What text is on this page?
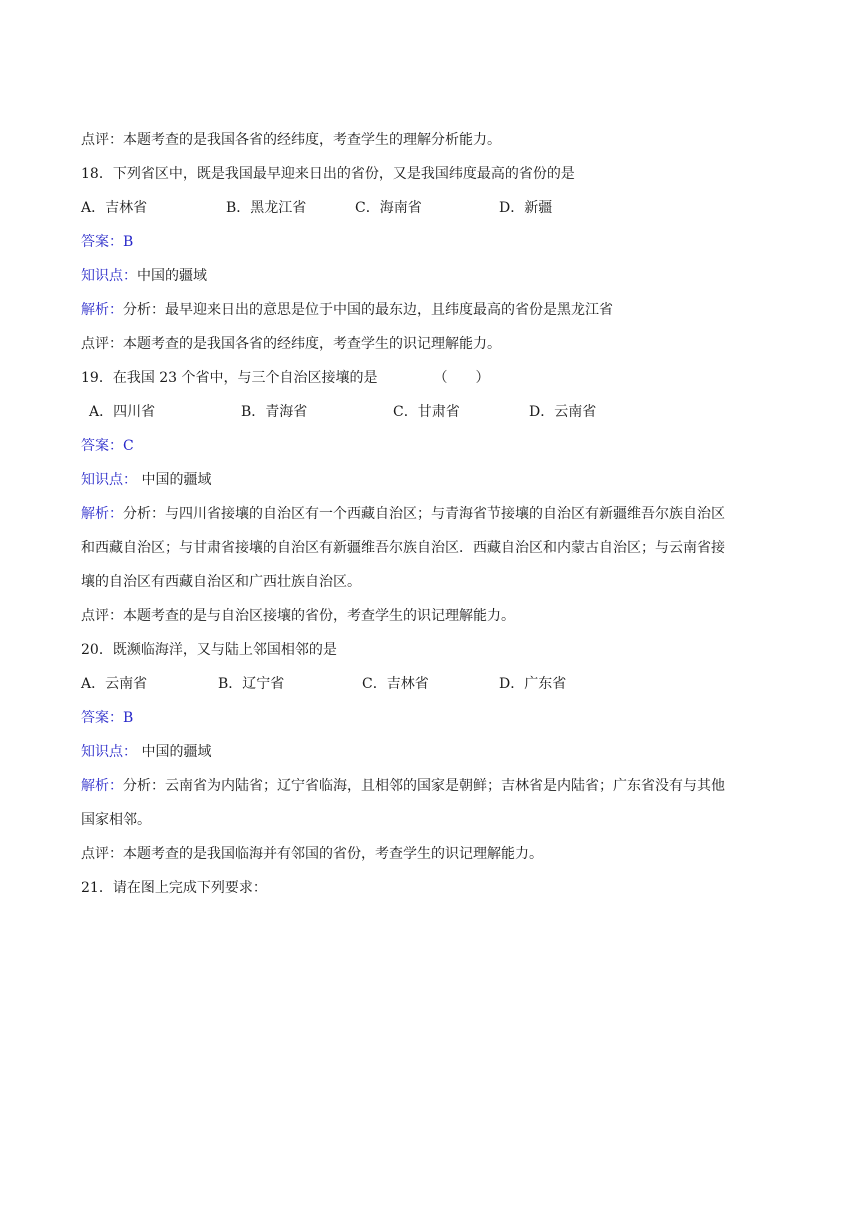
点评：本题考查的是我国各省的经纬度，考查学生的理解分析能力。
18．下列省区中，既是我国最早迎来日出的省份，又是我国纬度最高的省份的是
A．吉林省	B．黑龙江省	C．海南省	D．新疆
答案：B
知识点：中国的疆域
解析：分析：最早迎来日出的意思是位于中国的最东边，且纬度最高的省份是黑龙江省
点评：本题考查的是我国各省的经纬度，考查学生的识记理解能力。
19．在我国 23 个省中，与三个自治区接壤的是	（　　）
A．四川省	B．青海省	C．甘肃省	D．云南省
答案：C
知识点： 中国的疆域
解析：分析：与四川省接壤的自治区有一个西藏自治区；与青海省节接壤的自治区有新疆维吾尔族自治区
和西藏自治区；与甘肃省接壤的自治区有新疆维吾尔族自治区．西藏自治区和内蒙古自治区；与云南省接
壤的自治区有西藏自治区和广西壮族自治区。
点评：本题考查的是与自治区接壤的省份，考查学生的识记理解能力。
20．既濒临海洋，又与陆上邻国相邻的是
A．云南省	B．辽宁省	C．吉林省	D．广东省
答案：B
知识点： 中国的疆域
解析：分析：云南省为内陆省；辽宁省临海，且相邻的国家是朝鲜；吉林省是内陆省；广东省没有与其他
国家相邻。
点评：本题考查的是我国临海并有邻国的省份，考查学生的识记理解能力。
21．请在图上完成下列要求：
